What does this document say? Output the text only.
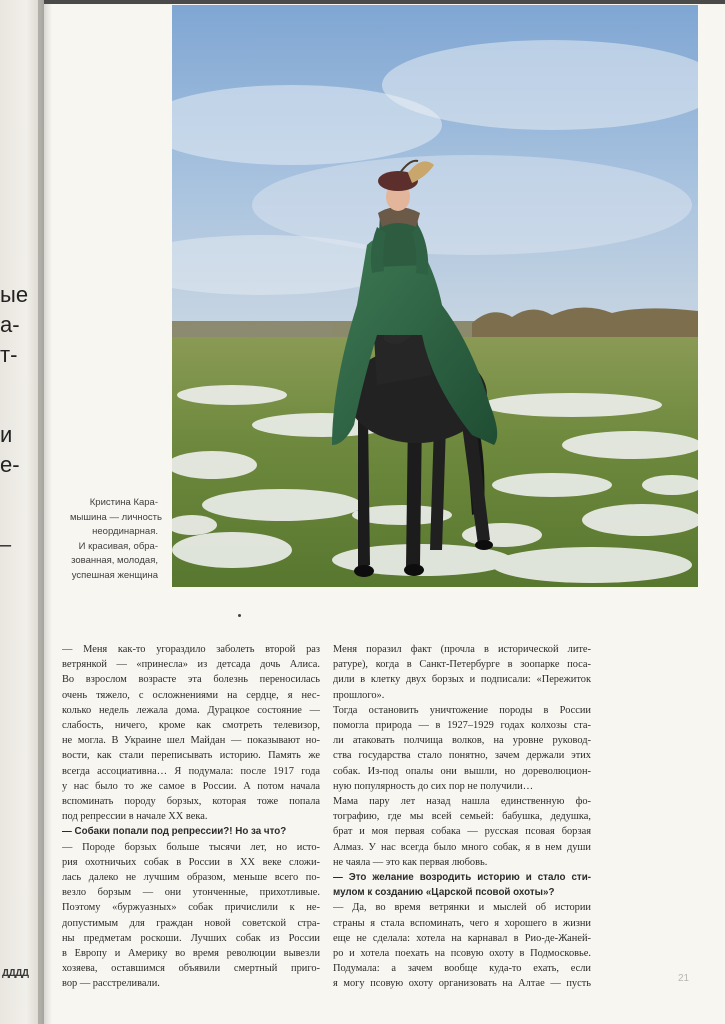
ые
а-
т-
и
е-
–
ДДДД
Кристина Кара-
мышина — личность
неординарная.
И красивая, обра-
зованная, молодая,
успешная женщина
— Меня как-то угораздило заболеть второй раз
ветрянкой — «принесла» из детсада дочь Алиса.
Во взрослом возрасте эта болезнь переносилась
очень тяжело, с осложнениями на сердце, я нес-
колько недель лежала дома. Дурацкое состояние —
слабость, ничего, кроме как смотреть телевизор,
не могла. В Украине шел Майдан — показывают но-
вости, как стали переписывать историю. Память же
всегда ассоциативна… Я подумала: после 1917 года
у нас было то же самое в России. А потом начала
вспоминать породу борзых, которая тоже попала
под репрессии в начале XX века.
— Собаки попали под репрессии?! Но за что?
— Породе борзых больше тысячи лет, но исто-
рия охотничьих собак в России в XX веке сложи-
лась далеко не лучшим образом, меньше всего по-
везло борзым — они утонченные, прихотливые.
Поэтому «буржуазных» собак причислили к не-
допустимым для граждан новой советской стра-
ны предметам роскоши. Лучших собак из России
в Европу и Америку во время революции вывезли
хозяева, оставшимся объявили смертный приго-
вор — расстреливали.
Меня поразил факт (прочла в исторической лите-
ратуре), когда в Санкт-Петербурге в зоопарке поса-
дили в клетку двух борзых и подписали: «Пережиток
прошлого».
Тогда остановить уничтожение породы в России
помогла природа — в 1927–1929 годах колхозы ста-
ли атаковать полчища волков, на уровне руковод-
ства государства стало понятно, зачем держали этих
собак. Из-под опалы они вышли, но дореволюцион-
ную популярность до сих пор не получили…
Мама пару лет назад нашла единственную фо-
тографию, где мы всей семьей: бабушка, дедушка,
брат и моя первая собака — русская псовая борзая
Алмаз. У нас всегда было много собак, я в нем души
не чаяла — это как первая любовь.
— Это желание возродить историю и стало сти-
мулом к созданию «Царской псовой охоты»?
— Да, во время ветрянки и мыслей об истории
страны я стала вспоминать, чего я хорошего в жизни
еще не сделала: хотела на карнавал в Рио-де-Жаней-
ро и хотела поехать на псовую охоту в Подмосковье.
Подумала: а зачем вообще куда-то ехать, если
я могу псовую охоту организовать на Алтае — пусть	21
